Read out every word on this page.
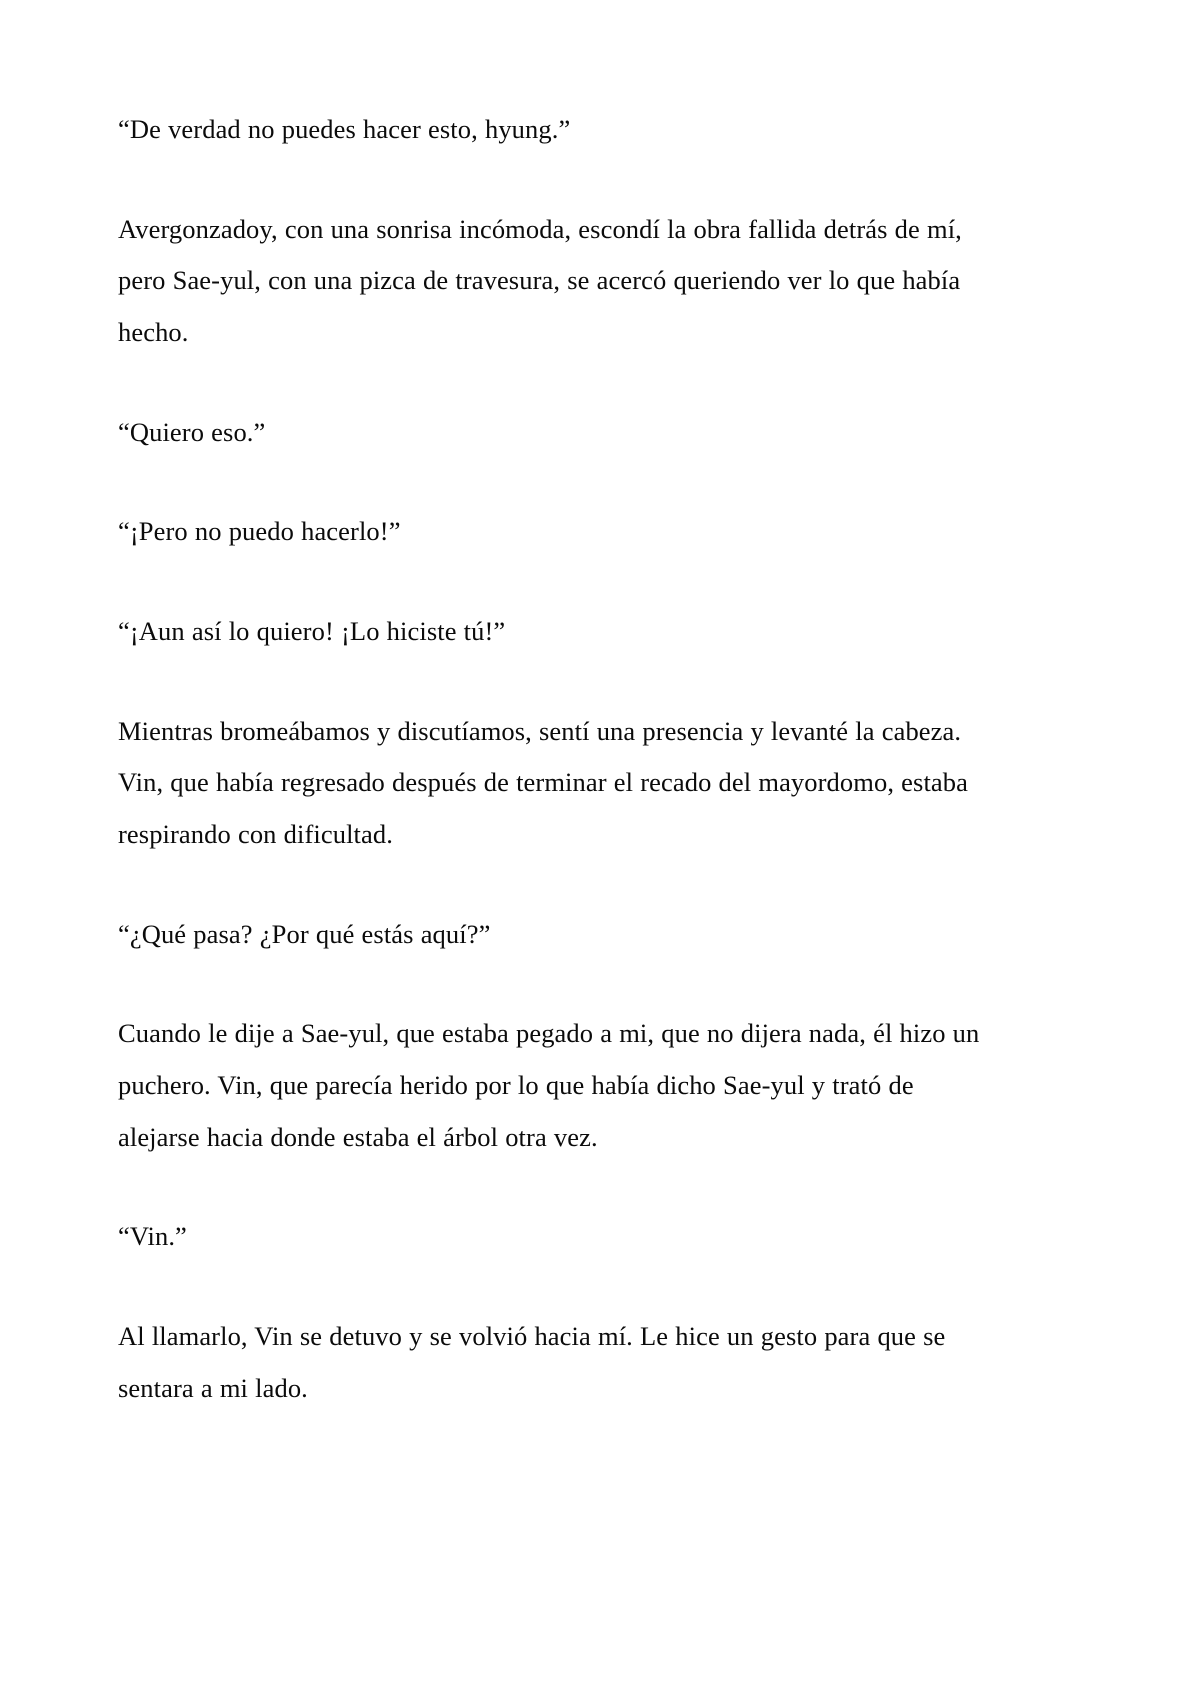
“De verdad no puedes hacer esto, hyung.”

Avergonzadoy, con una sonrisa incómoda, escondí la obra fallida detrás de mí, pero Sae-yul, con una pizca de travesura, se acercó queriendo ver lo que había hecho.

“Quiero eso.”

“¡Pero no puedo hacerlo!”

“¡Aun así lo quiero! ¡Lo hiciste tú!”

Mientras bromeábamos y discutíamos, sentí una presencia y levanté la cabeza. Vin, que había regresado después de terminar el recado del mayordomo, estaba respirando con dificultad.

“¿Qué pasa? ¿Por qué estás aquí?”

Cuando le dije a Sae-yul, que estaba pegado a mi, que no dijera nada, él hizo un puchero. Vin, que parecía herido por lo que había dicho Sae-yul y trató de alejarse hacia donde estaba el árbol otra vez.

“Vin.”

Al llamarlo, Vin se detuvo y se volvió hacia mí. Le hice un gesto para que se sentara a mi lado.
